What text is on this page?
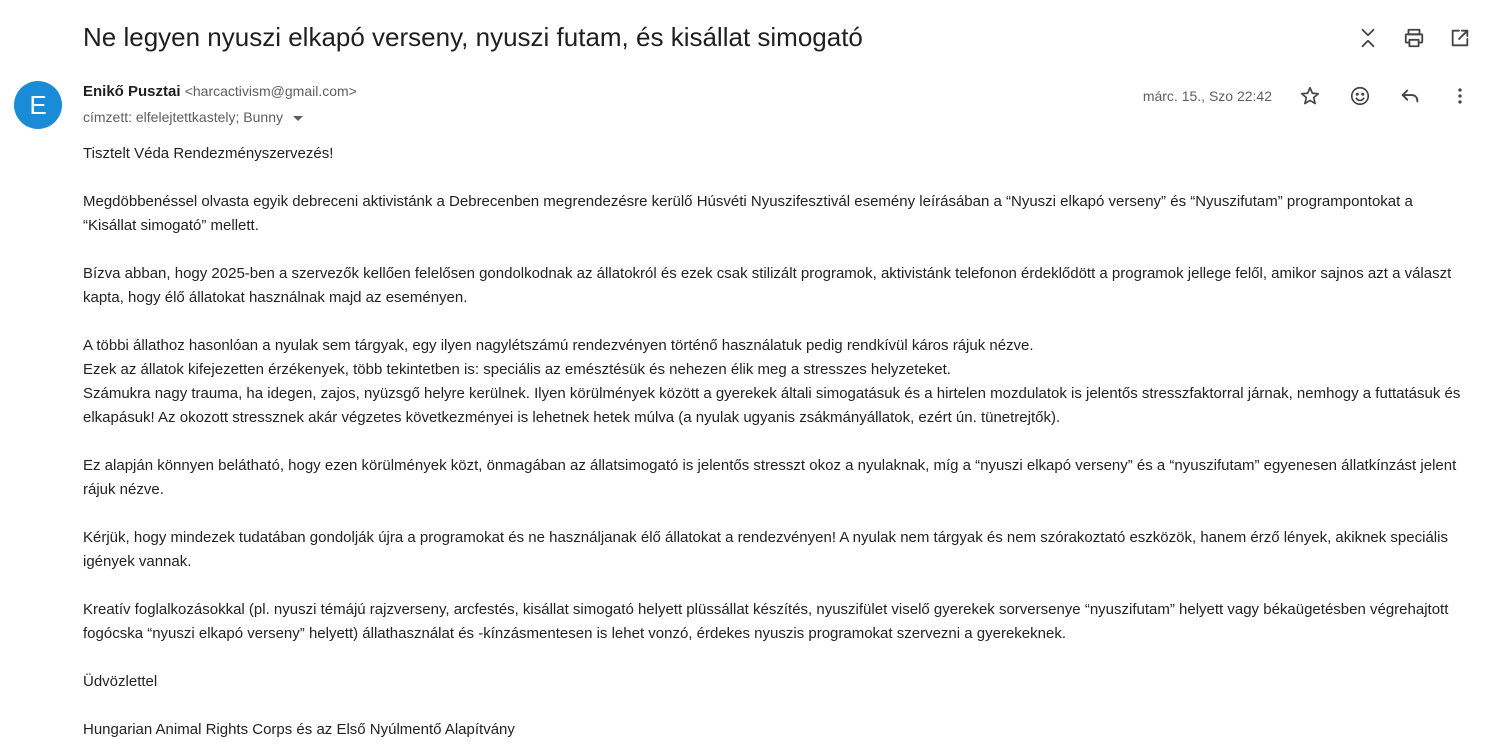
Ne legyen nyuszi elkapó verseny, nyuszi futam, és kisállat simogató
E	Enikő Pusztai <harcactivism@gmail.com>
címzett: elfelejtettkastely; Bunny
márc. 15., Szo 22:42

Tisztelt Véda Rendezményszervezés!

Megdöbbenéssel olvasta egyik debreceni aktivistánk a Debrecenben megrendezésre kerülő Húsvéti Nyuszifesztivál esemény leírásában a “Nyuszi elkapó verseny” és “Nyuszifutam” programpontokat a “Kisállat simogató” mellett.

Bízva abban, hogy 2025-ben a szervezők kellően felelősen gondolkodnak az állatokról és ezek csak stilizált programok, aktivistánk telefonon érdeklődött a programok jellege felől, amikor sajnos azt a választ kapta, hogy élő állatokat használnak majd az eseményen.

A többi állathoz hasonlóan a nyulak sem tárgyak, egy ilyen nagylétszámú rendezvényen történő használatuk pedig rendkívül káros rájuk nézve.

Ezek az állatok kifejezetten érzékenyek, több tekintetben is: speciális az emésztésük és nehezen élik meg a stresszes helyzeteket.

Számukra nagy trauma, ha idegen, zajos, nyüzsgő helyre kerülnek. Ilyen körülmények között a gyerekek általi simogatásuk és a hirtelen mozdulatok is jelentős stresszfaktorral járnak, nemhogy a futtatásuk és elkapásuk! Az okozott stressznek akár végzetes következményei is lehetnek hetek múlva (a nyulak ugyanis zsákmányállatok, ezért ún. tünetrejtők).

Ez alapján könnyen belátható, hogy ezen körülmények közt, önmagában az állatsimogató is jelentős stresszt okoz a nyulaknak, míg a “nyuszi elkapó verseny” és a “nyuszifutam” egyenesen állatkínzást jelent rájuk nézve.

Kérjük, hogy mindezek tudatában gondolják újra a programokat és ne használjanak élő állatokat a rendezvényen! A nyulak nem tárgyak és nem szórakoztató eszközök, hanem érző lények, akiknek speciális igények vannak.

Kreatív foglalkozásokkal (pl. nyuszi témájú rajzverseny, arcfestés, kisállat simogató helyett plüssállat készítés, nyuszifület viselő gyerekek sorversenye “nyuszifutam” helyett vagy békaügetésben végrehajtott fogócska “nyuszi elkapó verseny” helyett) állathasználat és -kínzásmentesen is lehet vonzó, érdekes nyuszis programokat szervezni a gyerekeknek.

Üdvözlettel

Hungarian Animal Rights Corps és az Első Nyúlmentő Alapítvány
